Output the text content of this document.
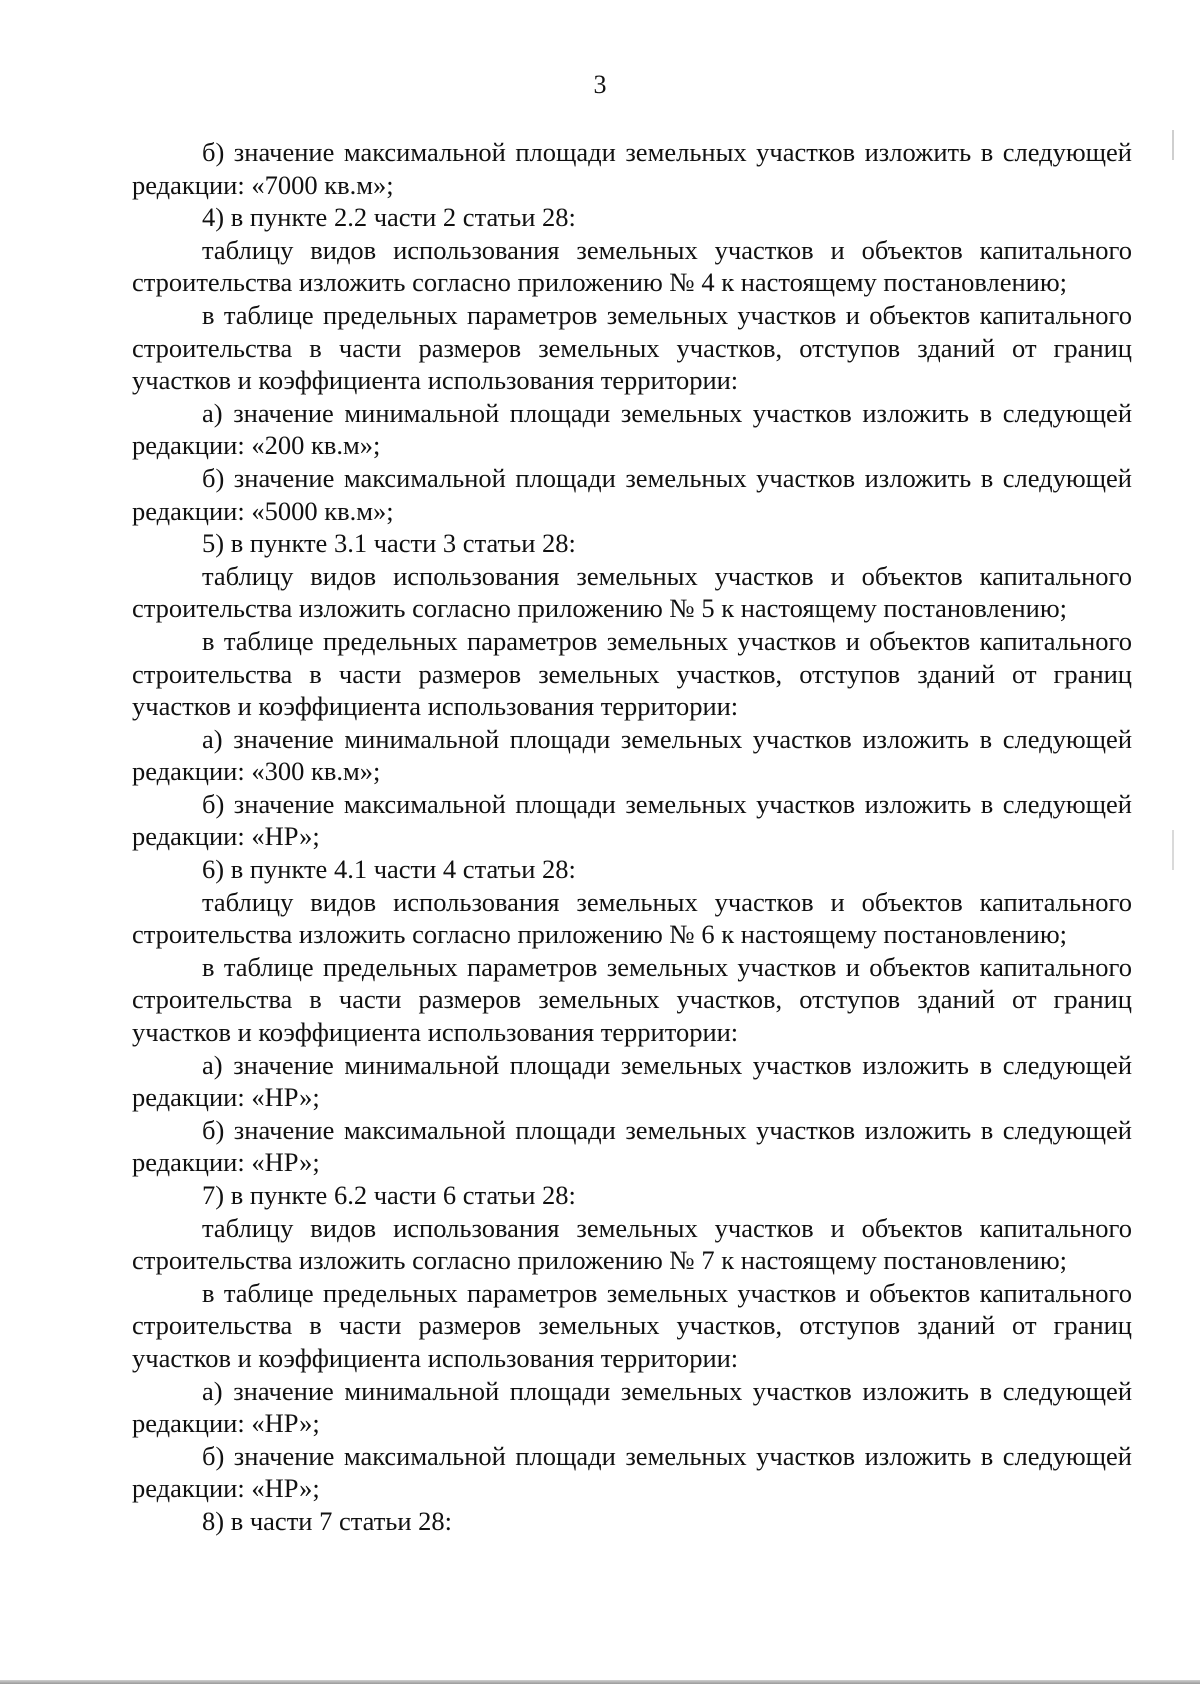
3

б) значение максимальной площади земельных участков изложить в следующей редакции: «7000 кв.м»;

4) в пункте 2.2 части 2 статьи 28:

таблицу видов использования земельных участков и объектов капитального строительства изложить согласно приложению № 4 к настоящему постановлению;

в таблице предельных параметров земельных участков и объектов капитального строительства в части размеров земельных участков, отступов зданий от границ участков и коэффициента использования территории:

а) значение минимальной площади земельных участков изложить в следующей редакции: «200 кв.м»;

б) значение максимальной площади земельных участков изложить в следующей редакции: «5000 кв.м»;

5) в пункте 3.1 части 3 статьи 28:

таблицу видов использования земельных участков и объектов капитального строительства изложить согласно приложению № 5 к настоящему постановлению;

в таблице предельных параметров земельных участков и объектов капитального строительства в части размеров земельных участков, отступов зданий от границ участков и коэффициента использования территории:

а) значение минимальной площади земельных участков изложить в следующей редакции: «300 кв.м»;

б) значение максимальной площади земельных участков изложить в следующей редакции: «НР»;

6) в пункте 4.1 части 4 статьи 28:

таблицу видов использования земельных участков и объектов капитального строительства изложить согласно приложению № 6 к настоящему постановлению;

в таблице предельных параметров земельных участков и объектов капитального строительства в части размеров земельных участков, отступов зданий от границ участков и коэффициента использования территории:

а) значение минимальной площади земельных участков изложить в следующей редакции: «НР»;

б) значение максимальной площади земельных участков изложить в следующей редакции: «НР»;

7) в пункте 6.2 части 6 статьи 28:

таблицу видов использования земельных участков и объектов капитального строительства изложить согласно приложению № 7 к настоящему постановлению;

в таблице предельных параметров земельных участков и объектов капитального строительства в части размеров земельных участков, отступов зданий от границ участков и коэффициента использования территории:

а) значение минимальной площади земельных участков изложить в следующей редакции: «НР»;

б) значение максимальной площади земельных участков изложить в следующей редакции: «НР»;

8) в части 7 статьи 28:
